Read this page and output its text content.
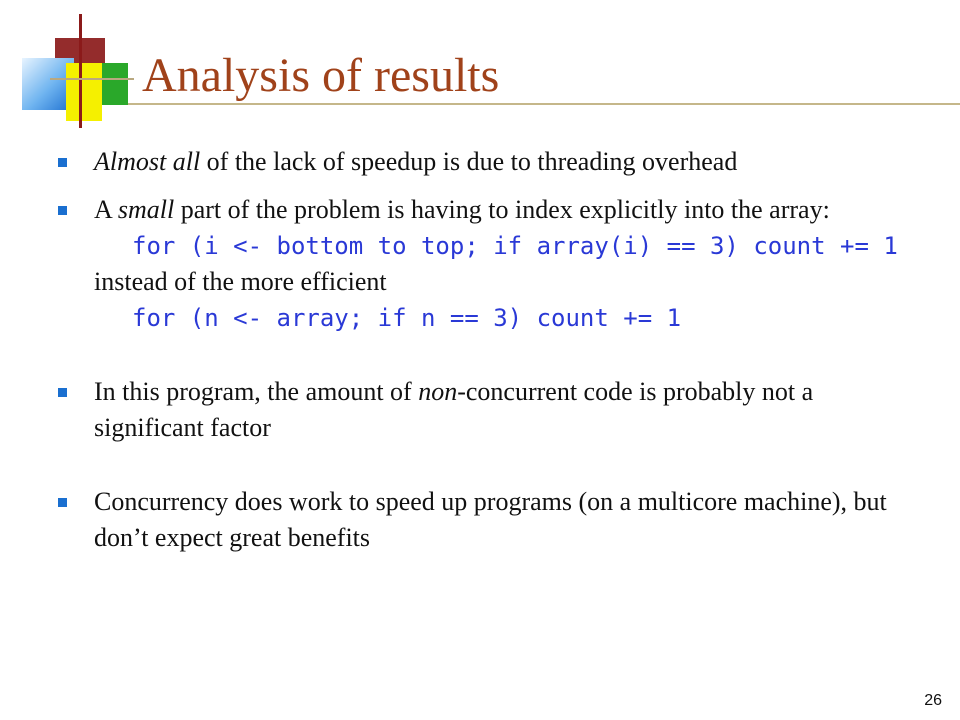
Analysis of results
Almost all of the lack of speedup is due to threading overhead
A small part of the problem is having to index explicitly into the array:
for (i <- bottom to top; if array(i) == 3) count += 1
instead of the more efficient
for (n <- array; if n == 3) count += 1
In this program, the amount of non-concurrent code is probably not a significant factor
Concurrency does work to speed up programs (on a multicore machine), but don’t expect great benefits
26
